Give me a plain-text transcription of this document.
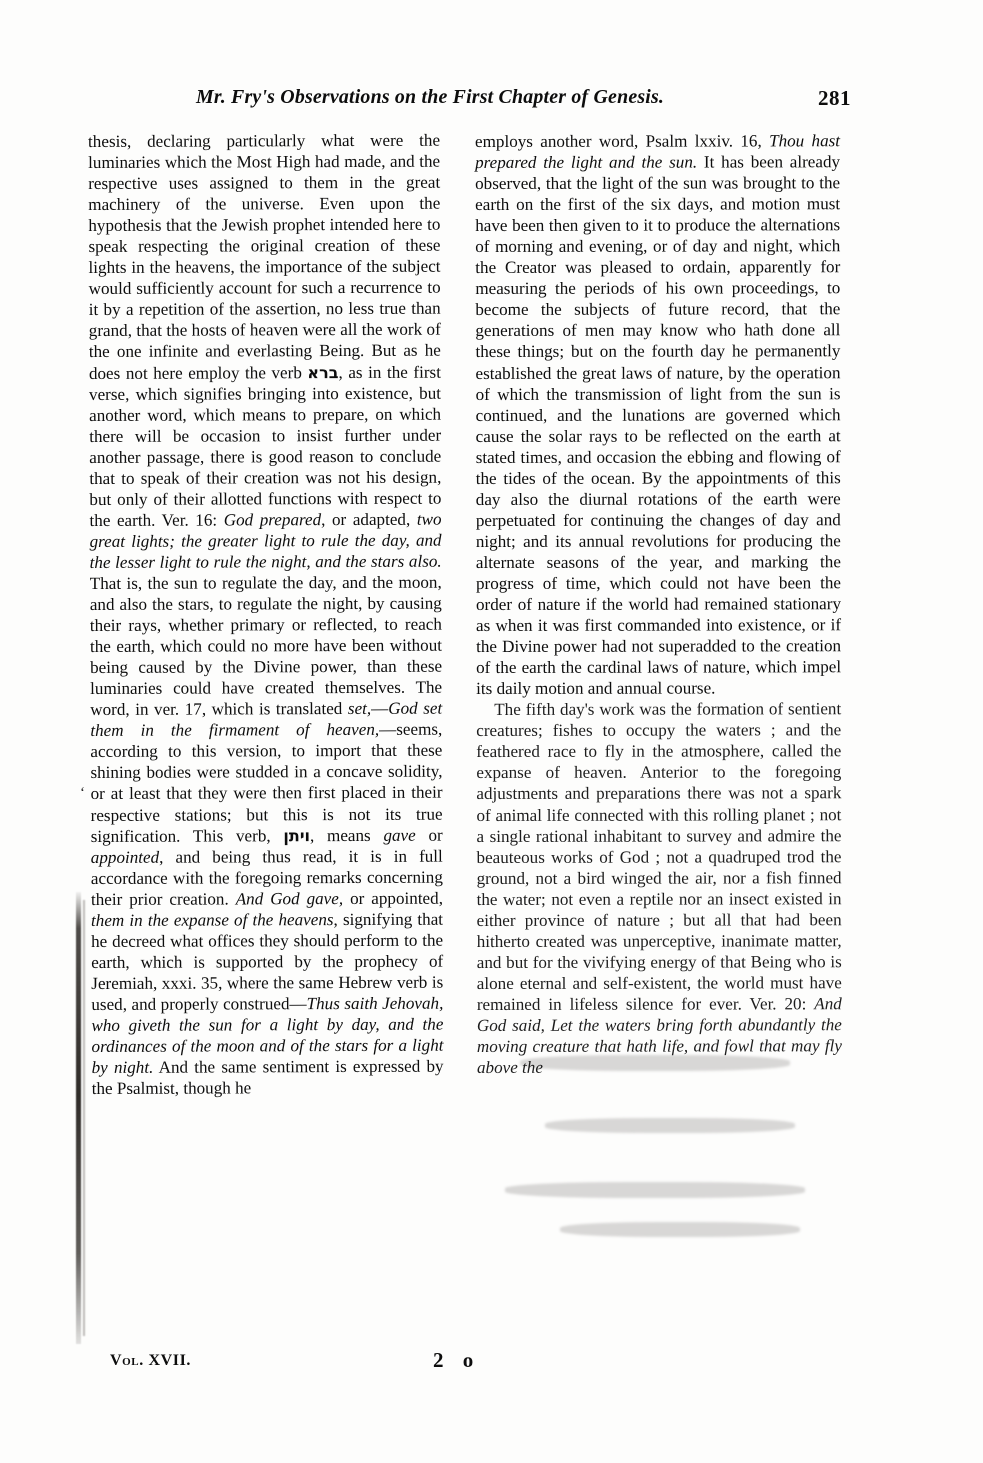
‘
Mr. Fry's Observations on the First Chapter of Genesis.	281

thesis, declaring particularly what were the luminaries which the Most High had made, and the respective uses assigned to them in the great machinery of the universe. Even upon the hypothesis that the Jewish prophet intended here to speak respecting the original creation of these lights in the heavens, the importance of the subject would sufficiently account for such a recurrence to it by a repetition of the assertion, no less true than grand, that the hosts of heaven were all the work of the one infinite and everlasting Being. But as he does not here employ the verb ברא, as in the first verse, which signifies bringing into existence, but another word, which means to prepare, on which there will be occasion to insist further under another passage, there is good reason to conclude that to speak of their creation was not his design, but only of their allotted functions with respect to the earth. Ver. 16: God prepared, or adapted, two great lights; the greater light to rule the day, and the lesser light to rule the night, and the stars also. That is, the sun to regulate the day, and the moon, and also the stars, to regulate the night, by causing their rays, whether primary or reflected, to reach the earth, which could no more have been without being caused by the Divine power, than these luminaries could have created themselves. The word, in ver. 17, which is translated set,—God set them in the firmament of heaven,—seems, according to this version, to import that these shining bodies were studded in a concave solidity, or at least that they were then first placed in their respective stations; but this is not its true signification. This verb, ויתן, means gave or appointed, and being thus read, it is in full accordance with the foregoing remarks concerning their prior creation. And God gave, or appointed, them in the expanse of the heavens, signifying that he decreed what offices they should perform to the earth, which is supported by the prophecy of Jeremiah, xxxi. 35, where the same Hebrew verb is used, and properly construed—Thus saith Jehovah, who giveth the sun for a light by day, and the ordinances of the moon and of the stars for a light by night. And the same sentiment is expressed by the Psalmist, though he

employs another word, Psalm lxxiv. 16, Thou hast prepared the light and the sun. It has been already observed, that the light of the sun was brought to the earth on the first of the six days, and motion must have been then given to it to produce the alternations of morning and evening, or of day and night, which the Creator was pleased to ordain, apparently for measuring the periods of his own proceedings, to become the subjects of future record, that the generations of men may know who hath done all these things; but on the fourth day he permanently established the great laws of nature, by the operation of which the transmission of light from the sun is continued, and the lunations are governed which cause the solar rays to be reflected on the earth at stated times, and occasion the ebbing and flowing of the tides of the ocean. By the appointments of this day also the diurnal rotations of the earth were perpetuated for continuing the changes of day and night; and its annual revolutions for producing the alternate seasons of the year, and marking the progress of time, which could not have been the order of nature if the world had remained stationary as when it was first commanded into existence, or if the Divine power had not superadded to the creation of the earth the cardinal laws of nature, which impel its daily motion and annual course.

The fifth day's work was the formation of sentient creatures; fishes to occupy the waters ; and the feathered race to fly in the atmosphere, called the expanse of heaven. Anterior to the foregoing adjustments and preparations there was not a spark of animal life connected with this rolling planet ; not a single rational inhabitant to survey and admire the beauteous works of God ; not a quadruped trod the ground, not a bird winged the air, nor a fish finned the water; not even a reptile nor an insect existed in either province of nature ; but all that had been hitherto created was unperceptive, inanimate matter, and but for the vivifying energy of that Being who is alone eternal and self-existent, the world must have remained in lifeless silence for ever. Ver. 20: And God said, Let the waters bring forth abundantly the moving creature that hath life, and fowl that may fly above the

Vol. XVII.	2 o
